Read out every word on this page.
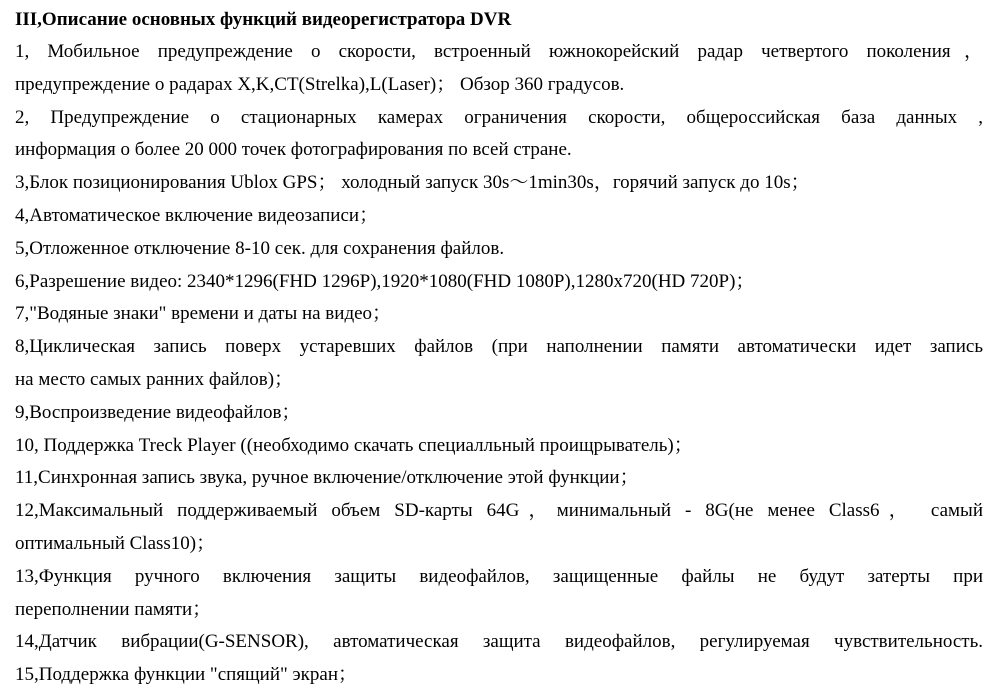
III,Описание основных функций видеорегистратора DVR
1, Мобильное предупреждение о скорости, встроенный южнокорейский радар четвертого поколения，
предупреждение о радарах X,K,CT(Strelka),L(Laser)； Обзор 360 градусов.
2, Предупреждение о стационарных камерах ограничения скорости, общероссийская база данных ,
информация о более 20 000 точек фотографирования по всей стране.
3,Блок позиционирования Ublox GPS； холодный запуск 30s～1min30s，горячий запуск до 10s；
4,Автоматическое включение видеозаписи；
5,Отложенное отключение 8-10 сек. для сохранения файлов.
6,Разрешение видео: 2340*1296(FHD 1296P),1920*1080(FHD 1080P),1280x720(HD 720P)；
7,"Водяные знаки" времени и даты на видео；
8,Циклическая запись поверх устаревших файлов (при наполнении памяти автоматически идет запись
на место самых ранних файлов)；
9,Воспроизведение видеофайлов；
10, Поддержка Treck Player ((необходимо скачать специалльный проищрыватель)；
11,Синхронная запись звука, ручное включение/отключение этой функции；
12,Максимальный поддерживаемый объем SD-карты 64G，минимальный - 8G(не менее Class6， самый
оптимальный Class10)；
13,Функция ручного включения защиты видеофайлов, защищенные файлы не будут затерты при
переполнении памяти；
14,Датчик вибрации(G-SENSOR), автоматическая защита видеофайлов, регулируемая чувствительность.
15,Поддержка функции "спящий" экран；
